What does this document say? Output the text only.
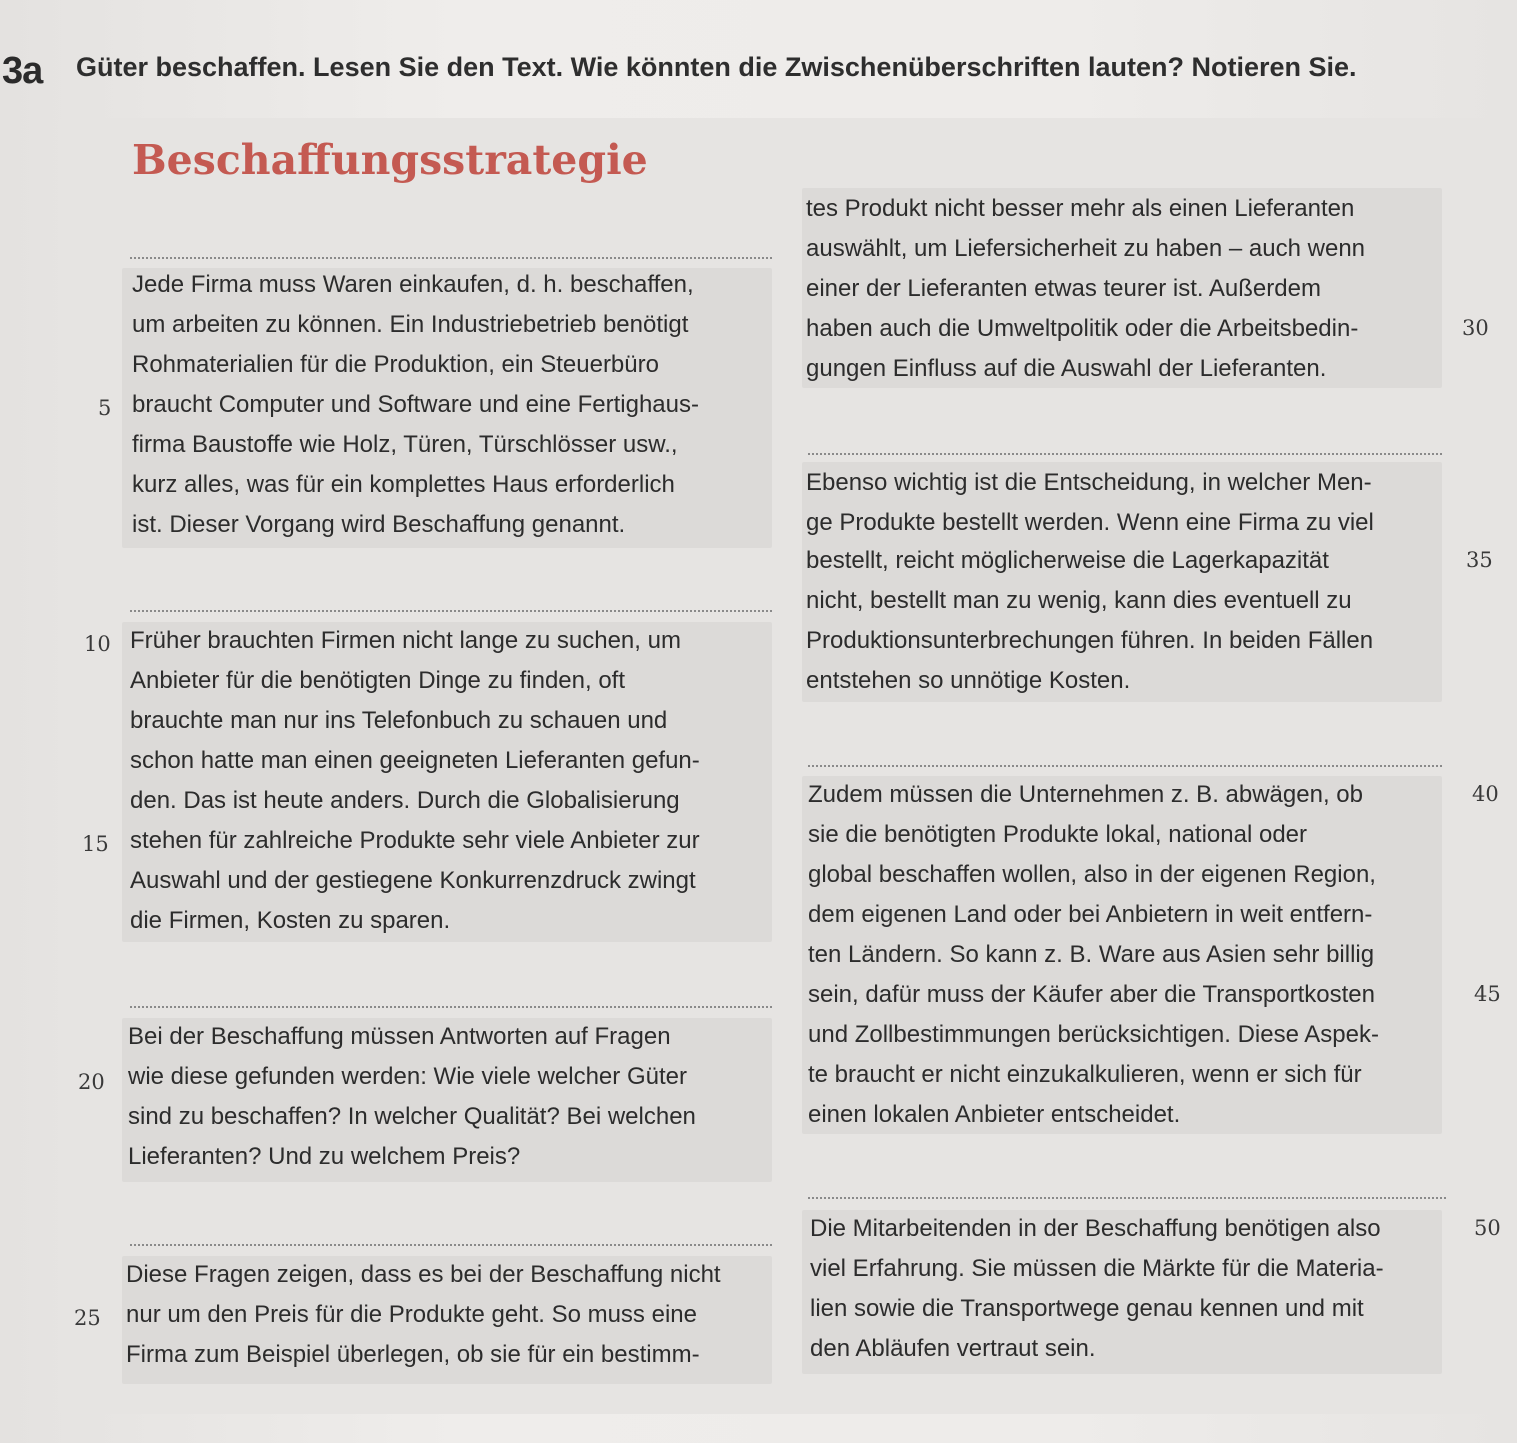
3a Güter beschaffen. Lesen Sie den Text. Wie könnten die Zwischenüberschriften lauten? Notieren Sie.
Beschaffungsstrategie
Jede Firma muss Waren einkaufen, d. h. beschaffen,
um arbeiten zu können. Ein Industriebetrieb benötigt
Rohmaterialien für die Produktion, ein Steuerbüro
braucht Computer und Software und eine Fertighaus-
firma Baustoffe wie Holz, Türen, Türschlösser usw.,
kurz alles, was für ein komplettes Haus erforderlich
ist. Dieser Vorgang wird Beschaffung genannt.
Früher brauchten Firmen nicht lange zu suchen, um
Anbieter für die benötigten Dinge zu finden, oft
brauchte man nur ins Telefonbuch zu schauen und
schon hatte man einen geeigneten Lieferanten gefun-
den. Das ist heute anders. Durch die Globalisierung
stehen für zahlreiche Produkte sehr viele Anbieter zur
Auswahl und der gestiegene Konkurrenzdruck zwingt
die Firmen, Kosten zu sparen.
Bei der Beschaffung müssen Antworten auf Fragen
wie diese gefunden werden: Wie viele welcher Güter
sind zu beschaffen? In welcher Qualität? Bei welchen
Lieferanten? Und zu welchem Preis?
Diese Fragen zeigen, dass es bei der Beschaffung nicht
nur um den Preis für die Produkte geht. So muss eine
Firma zum Beispiel überlegen, ob sie für ein bestimm-
tes Produkt nicht besser mehr als einen Lieferanten
auswählt, um Liefersicherheit zu haben – auch wenn
einer der Lieferanten etwas teurer ist. Außerdem
haben auch die Umweltpolitik oder die Arbeitsbedin-
gungen Einfluss auf die Auswahl der Lieferanten.
Ebenso wichtig ist die Entscheidung, in welcher Men-
ge Produkte bestellt werden. Wenn eine Firma zu viel
bestellt, reicht möglicherweise die Lagerkapazität
nicht, bestellt man zu wenig, kann dies eventuell zu
Produktionsunterbrechungen führen. In beiden Fällen
entstehen so unnötige Kosten.
Zudem müssen die Unternehmen z. B. abwägen, ob
sie die benötigten Produkte lokal, national oder
global beschaffen wollen, also in der eigenen Region,
dem eigenen Land oder bei Anbietern in weit entfern-
ten Ländern. So kann z. B. Ware aus Asien sehr billig
sein, dafür muss der Käufer aber die Transportkosten
und Zollbestimmungen berücksichtigen. Diese Aspek-
te braucht er nicht einzukalkulieren, wenn er sich für
einen lokalen Anbieter entscheidet.
Die Mitarbeitenden in der Beschaffung benötigen also
viel Erfahrung. Sie müssen die Märkte für die Materia-
lien sowie die Transportwege genau kennen und mit
den Abläufen vertraut sein.
5
10
15
20
25
30
35
40
45
50
